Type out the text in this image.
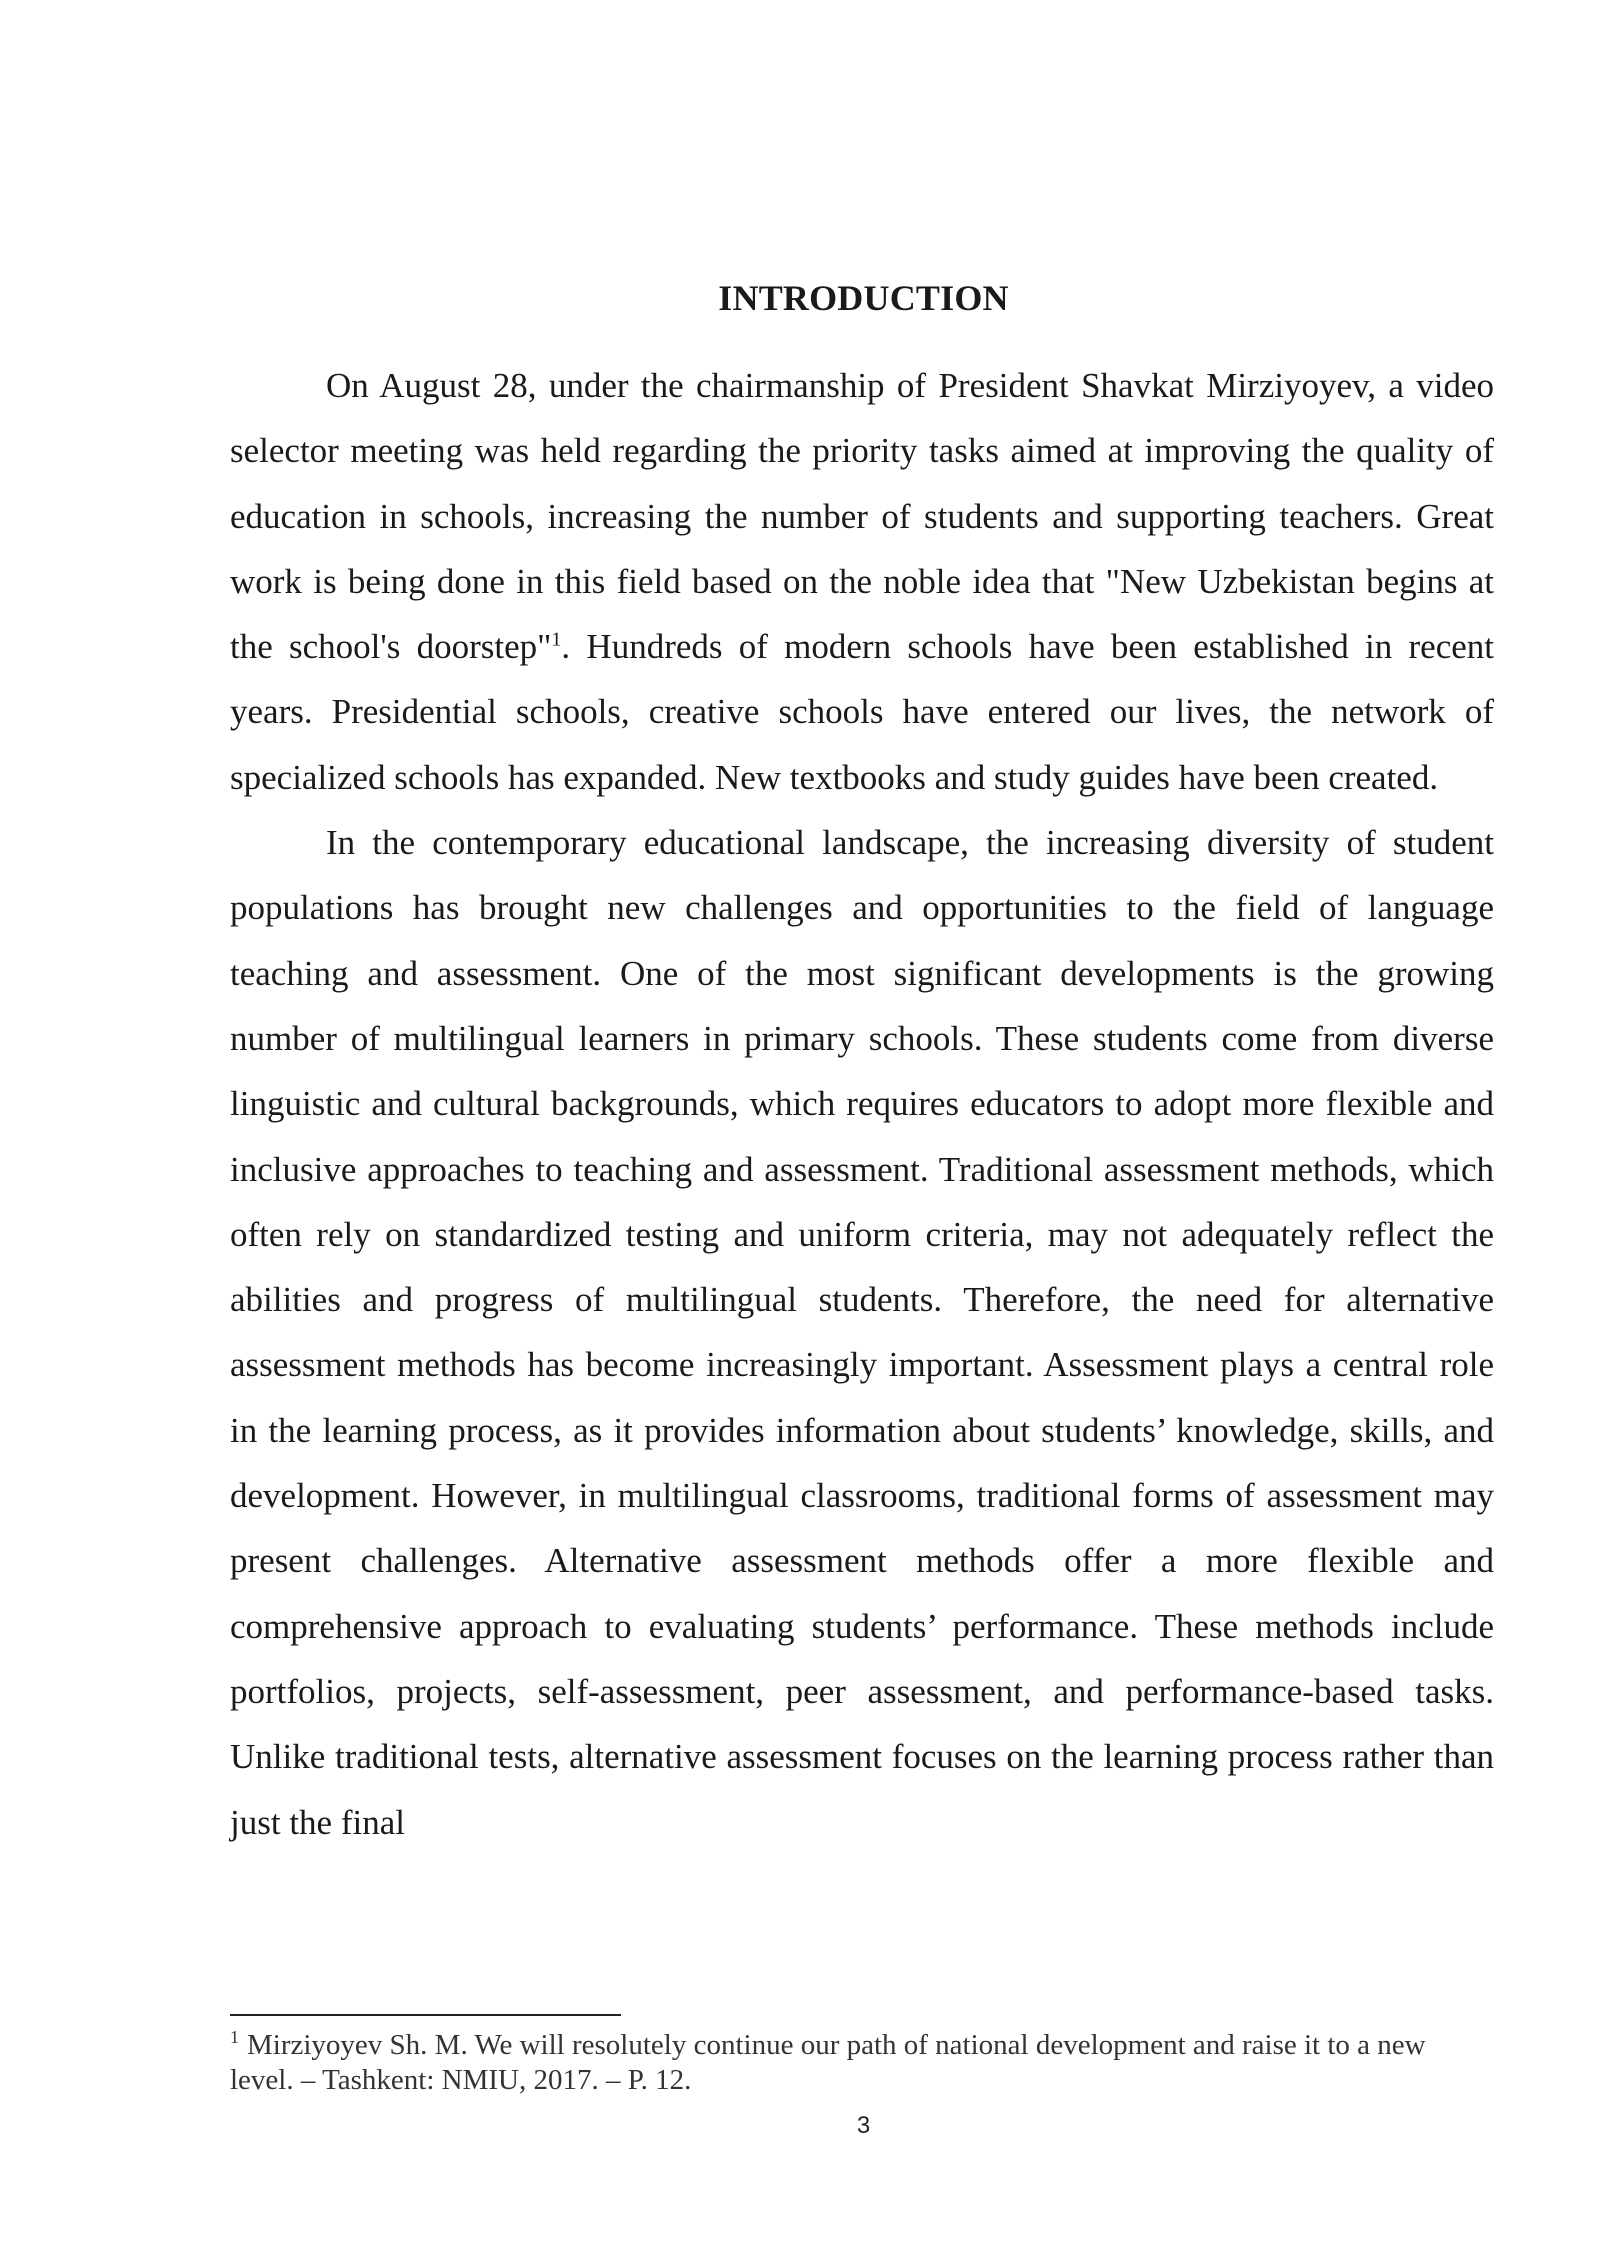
INTRODUCTION

On August 28, under the chairmanship of President Shavkat Mirziyoyev, a video selector meeting was held regarding the priority tasks aimed at improving the quality of education in schools, increasing the number of students and supporting teachers. Great work is being done in this field based on the noble idea that "New Uzbekistan begins at the school's doorstep"$^1$. Hundreds of modern schools have been established in recent years. Presidential schools, creative schools have entered our lives, the network of specialized schools has expanded. New textbooks and study guides have been created.

In the contemporary educational landscape, the increasing diversity of student populations has brought new challenges and opportunities to the field of language teaching and assessment. One of the most significant developments is the growing number of multilingual learners in primary schools. These students come from diverse linguistic and cultural backgrounds, which requires educators to adopt more flexible and inclusive approaches to teaching and assessment. Traditional assessment methods, which often rely on standardized testing and uniform criteria, may not adequately reflect the abilities and progress of multilingual students. Therefore, the need for alternative assessment methods has become increasingly important. Assessment plays a central role in the learning process, as it provides information about students’ knowledge, skills, and development. However, in multilingual classrooms, traditional forms of assessment may present challenges. Alternative assessment methods offer a more flexible and comprehensive approach to evaluating students’ performance. These methods include portfolios, projects, self-assessment, peer assessment, and performance-based tasks. Unlike traditional tests, alternative assessment focuses on the learning process rather than just the final

$^1$ Mirziyoyev Sh. M. We will resolutely continue our path of national development and raise it to a new level. – Tashkent: NMIU, 2017. – P. 12.
3
